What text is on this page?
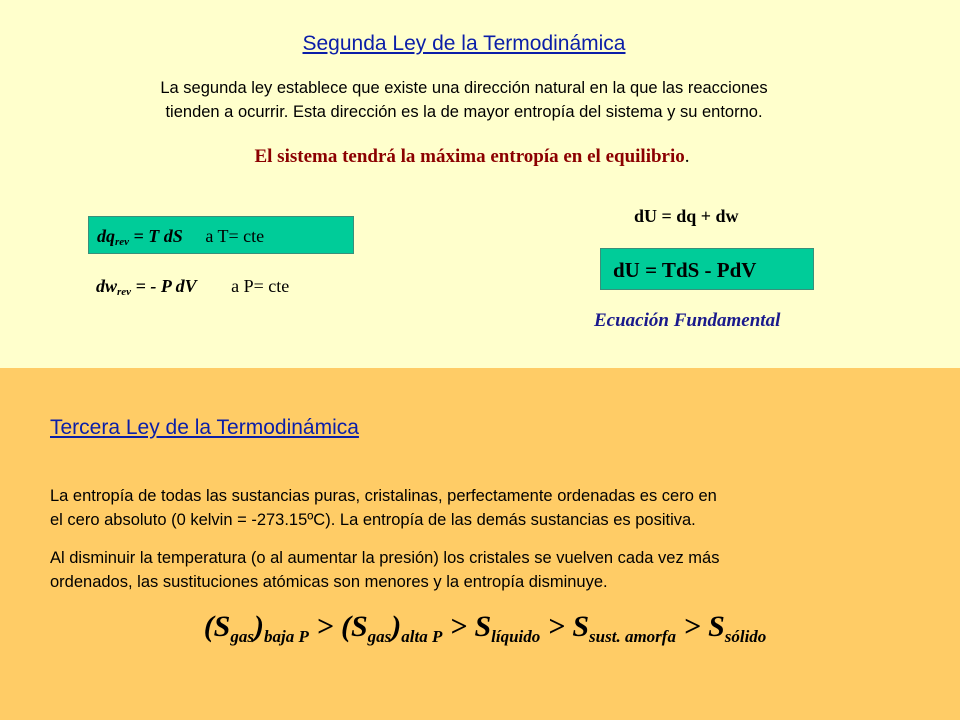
Segunda Ley de la Termodinámica
La segunda ley establece que existe una dirección natural en la que las reacciones
tienden a ocurrir. Esta dirección es la de mayor entropía del sistema y su entorno.
El sistema tendrá la máxima entropía en el equilibrio.
$dq_{rev} = T$ dS a T= cte
$dw_{rev}$ = - P dV a P= cte
dU = dq + dw
dU = TdS - PdV
Ecuación Fundamental
Tercera Ley de la Termodinámica
La entropía de todas las sustancias puras, cristalinas, perfectamente ordenadas es cero en
el cero absoluto (0 kelvin = -273.15ºC). La entropía de las demás sustancias es positiva.
Al disminuir la temperatura (o al aumentar la presión) los cristales se vuelven cada vez más
ordenados, las sustituciones atómicas son menores y la entropía disminuye.
$(S_{gas})_{baja P} > (S_{gas})_{alta P} > S_{líquido} > S_{sust. amorfa} > S_{sólido}$
